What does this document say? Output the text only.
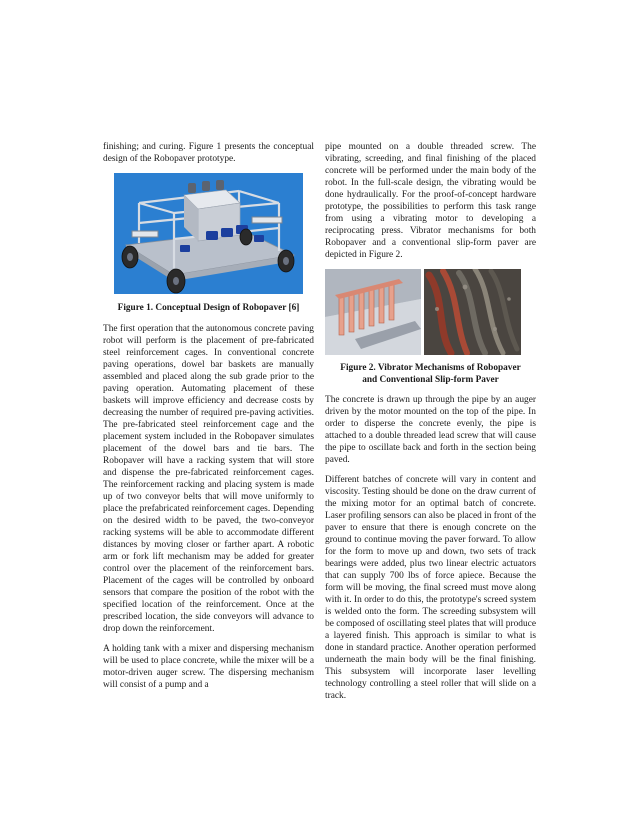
finishing; and curing. Figure 1 presents the conceptual design of the Robopaver prototype.

Figure 1. Conceptual Design of Robopaver [6]

The first operation that the autonomous concrete paving robot will perform is the placement of pre-fabricated steel reinforcement cages. In conventional concrete paving operations, dowel bar baskets are manually assembled and placed along the sub grade prior to the paving operation. Automating placement of these baskets will improve efficiency and decrease costs by decreasing the number of required pre-paving activities. The pre-fabricated steel reinforcement cage and the placement system included in the Robopaver simulates placement of the dowel bars and tie bars. The Robopaver will have a racking system that will store and dispense the pre-fabricated reinforcement cages. The reinforcement racking and placing system is made up of two conveyor belts that will move uniformly to place the prefabricated reinforcement cages. Depending on the desired width to be paved, the two-conveyor racking systems will be able to accommodate different distances by moving closer or farther apart. A robotic arm or fork lift mechanism may be added for greater control over the placement of the reinforcement bars. Placement of the cages will be controlled by onboard sensors that compare the position of the robot with the specified location of the reinforcement. Once at the prescribed location, the side conveyors will advance to drop down the reinforcement.

A holding tank with a mixer and dispersing mechanism will be used to place concrete, while the mixer will be a motor-driven auger screw. The dispersing mechanism will consist of a pump and a

pipe mounted on a double threaded screw. The vibrating, screeding, and final finishing of the placed concrete will be performed under the main body of the robot. In the full-scale design, the vibrating would be done hydraulically. For the proof-of-concept hardware prototype, the possibilities to perform this task range from using a vibrating motor to developing a reciprocating press. Vibrator mechanisms for both Robopaver and a conventional slip-form paver are depicted in Figure 2.

Figure 2. Vibrator Mechanisms of Robopaver
and Conventional Slip-form Paver

The concrete is drawn up through the pipe by an auger driven by the motor mounted on the top of the pipe. In order to disperse the concrete evenly, the pipe is attached to a double threaded lead screw that will cause the pipe to oscillate back and forth in the section being paved.

Different batches of concrete will vary in content and viscosity. Testing should be done on the draw current of the mixing motor for an optimal batch of concrete. Laser profiling sensors can also be placed in front of the paver to ensure that there is enough concrete on the ground to continue moving the paver forward. To allow for the form to move up and down, two sets of track bearings were added, plus two linear electric actuators that can supply 700 lbs of force apiece. Because the form will be moving, the final screed must move along with it. In order to do this, the prototype's screed system is welded onto the form. The screeding subsystem will be composed of oscillating steel plates that will produce a layered finish. This approach is similar to what is done in standard practice. Another operation performed underneath the main body will be the final finishing. This subsystem will incorporate laser levelling technology controlling a steel roller that will slide on a track.
